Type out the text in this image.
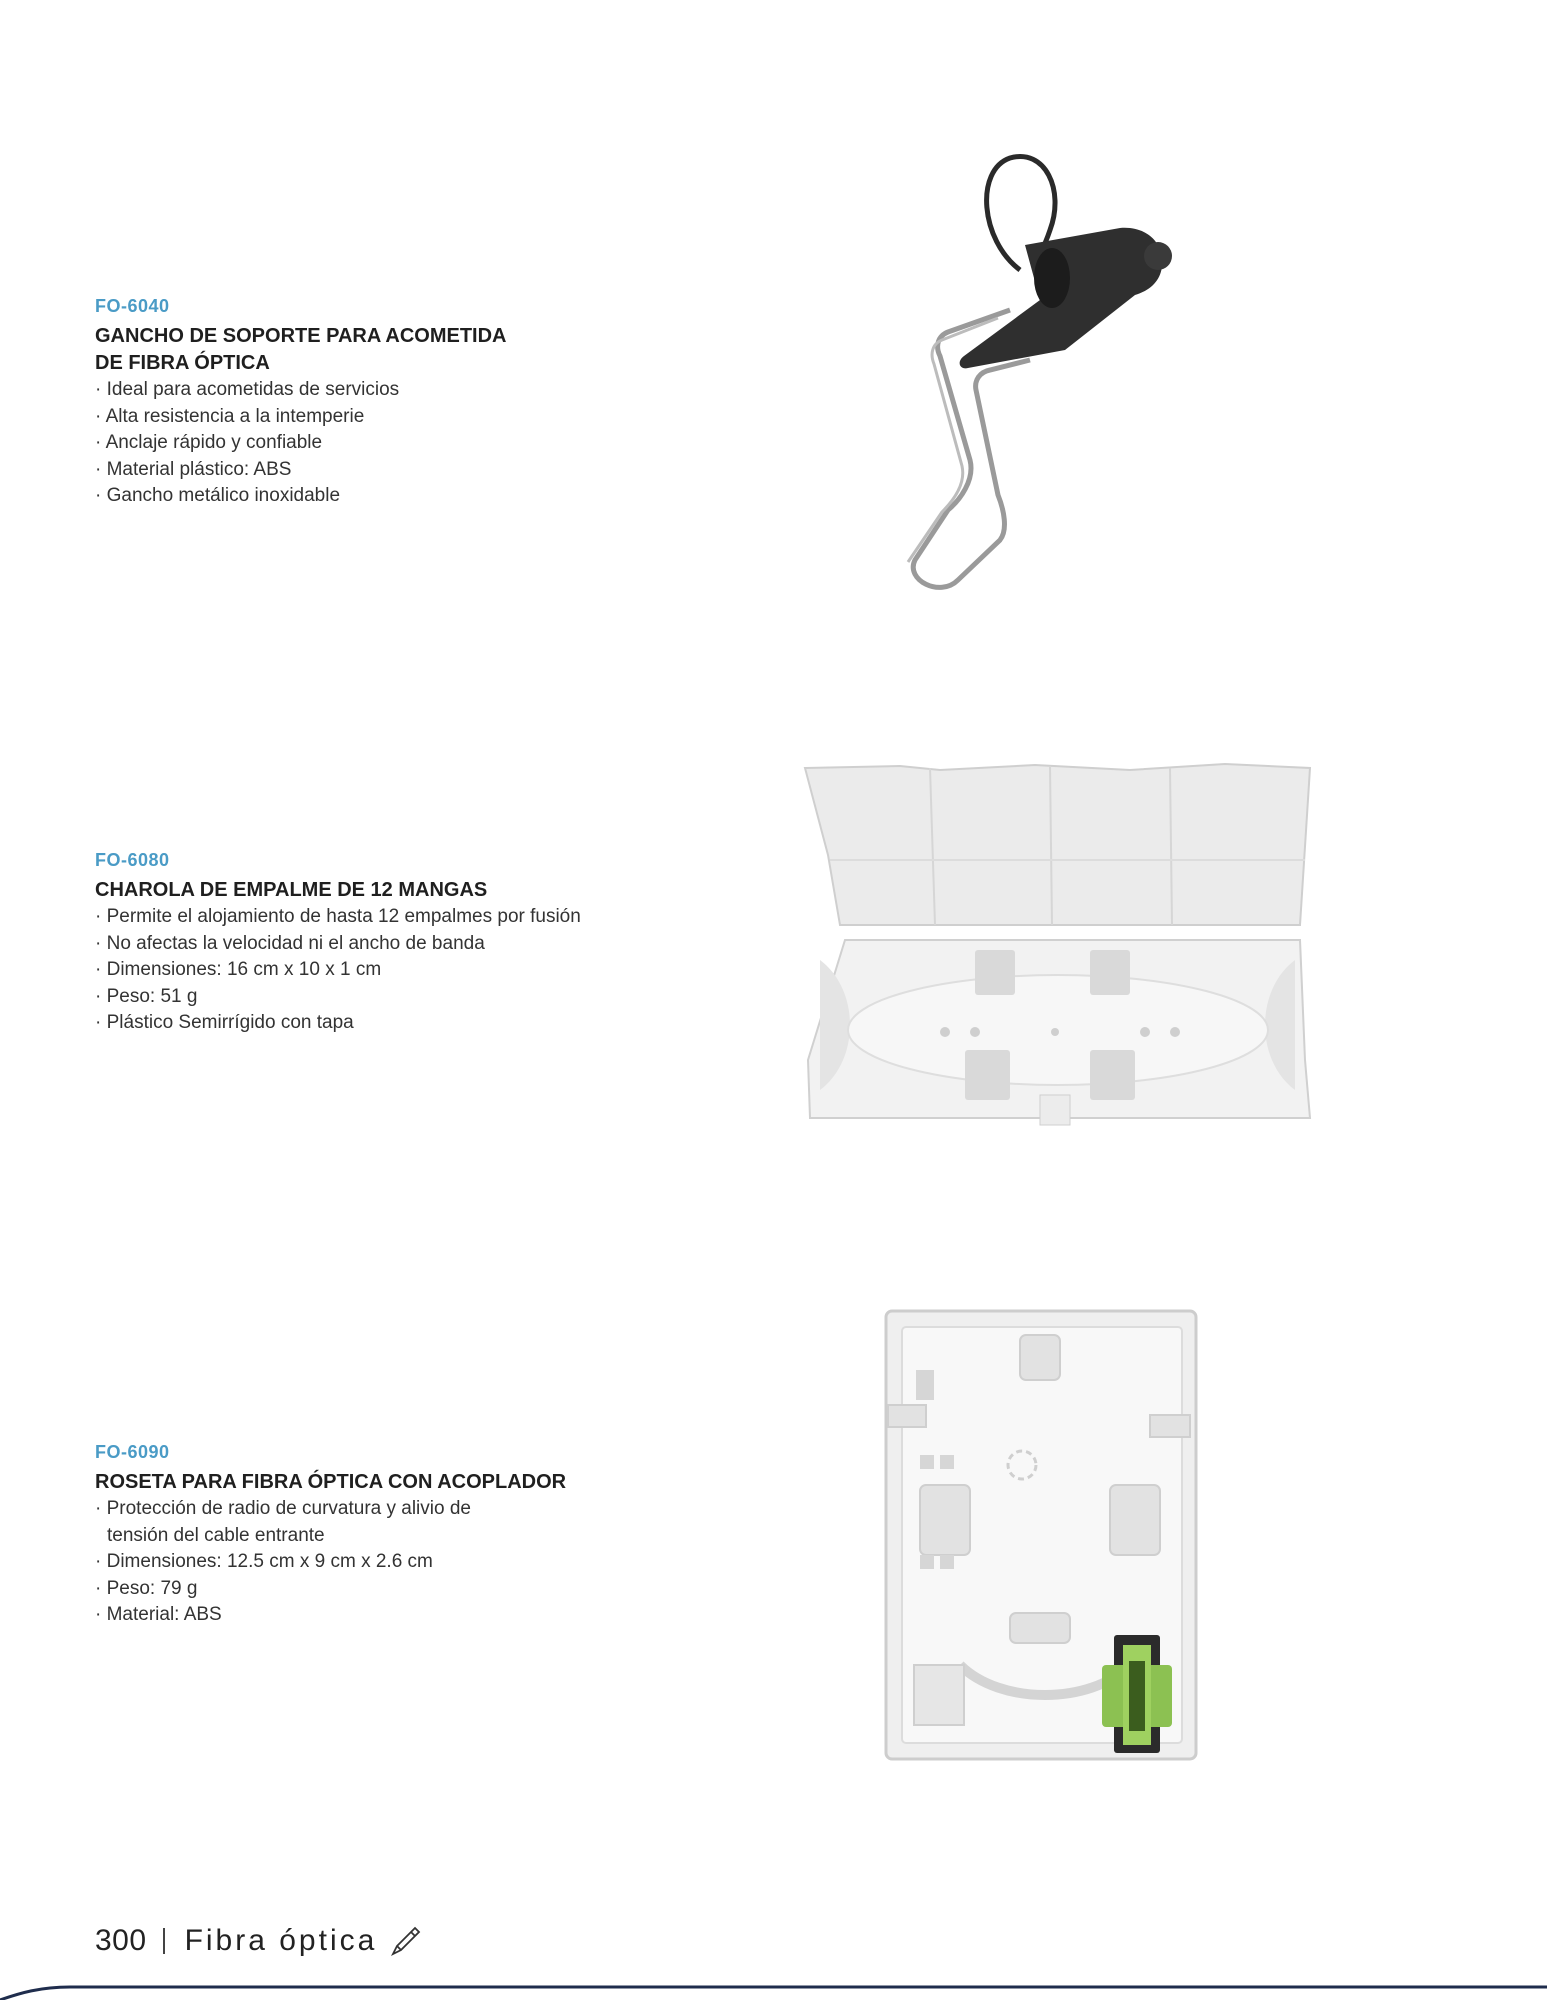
FO-6040
GANCHO DE SOPORTE PARA ACOMETIDA
DE FIBRA ÓPTICA
· Ideal para acometidas de servicios
· Alta resistencia a la intemperie
· Anclaje rápido y confiable
· Material plástico: ABS
· Gancho metálico inoxidable
FO-6080
CHAROLA DE EMPALME DE 12 MANGAS
· Permite el alojamiento de hasta 12 empalmes por fusión
· No afectas la velocidad ni el ancho de banda
· Dimensiones: 16 cm x 10 x 1 cm
· Peso: 51 g
· Plástico Semirrígido con tapa
FO-6090
ROSETA PARA FIBRA ÓPTICA CON ACOPLADOR
· Protección de radio de curvatura y alivio de
tensión del cable entrante
· Dimensiones: 12.5 cm x 9 cm x 2.6 cm
· Peso: 79 g
· Material: ABS
300 Fibra óptica
